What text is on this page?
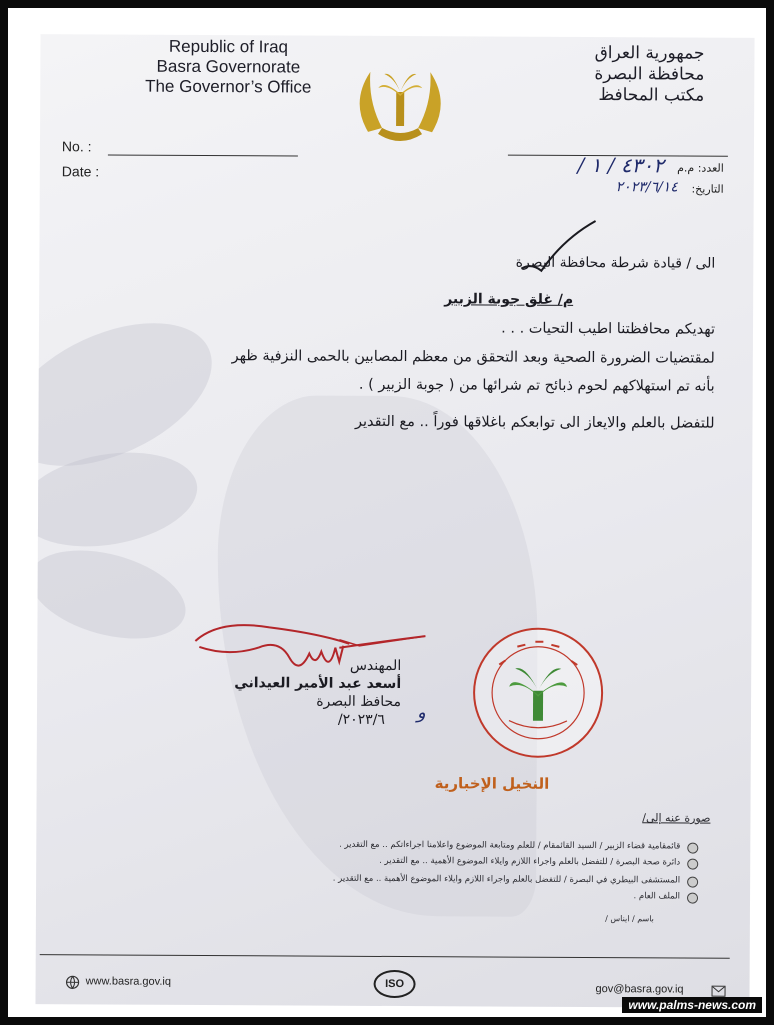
Republic of Iraq
Basra Governorate
The Governor’s Office
جمهورية العراق
محافظة البصرة
مكتب المحافظ
No. :
Date :	العدد: م.م
التاريخ:
٤٣٠٢ / ١ /
٢٠٢٣/٦/١٤
الى / قيادة شرطة محافظة البصرة
م/ غلق جوبة الزبير
تهديكم محافظتنا اطيب التحيات . . .
لمقتضيات الضرورة الصحية وبعد التحقق من معظم المصابين بالحمى النزفية ظهر
بأنه تم استهلاكهم لحوم ذبائح تم شرائها من ( جوبة الزبير ) .
للتفضل بالعلم والايعاز الى توابعكم باغلاقها فوراً .. مع التقدير
المهندس
أسعد عبد الأمير العيداني
محافظ البصرة
٢٠٢٣/٦/ و
النخيل الإخبارية
صورة عنه إلى/
قائمقامية قضاء الزبير / السيد القائمقام / للعلم ومتابعة الموضوع واعلامنا اجراءاتكم .. مع التقدير .
دائرة صحة البصرة / للتفضل بالعلم واجراء اللازم وايلاء الموضوع الأهمية .. مع التقدير .
المستشفى البيطري في البصرة / للتفضل بالعلم واجراء اللازم وايلاء الموضوع الأهمية .. مع التقدير .
الملف العام .
باسم / ايناس /
www.basra.gov.iq	ISO	gov@basra.gov.iq
www.palms-news.com
